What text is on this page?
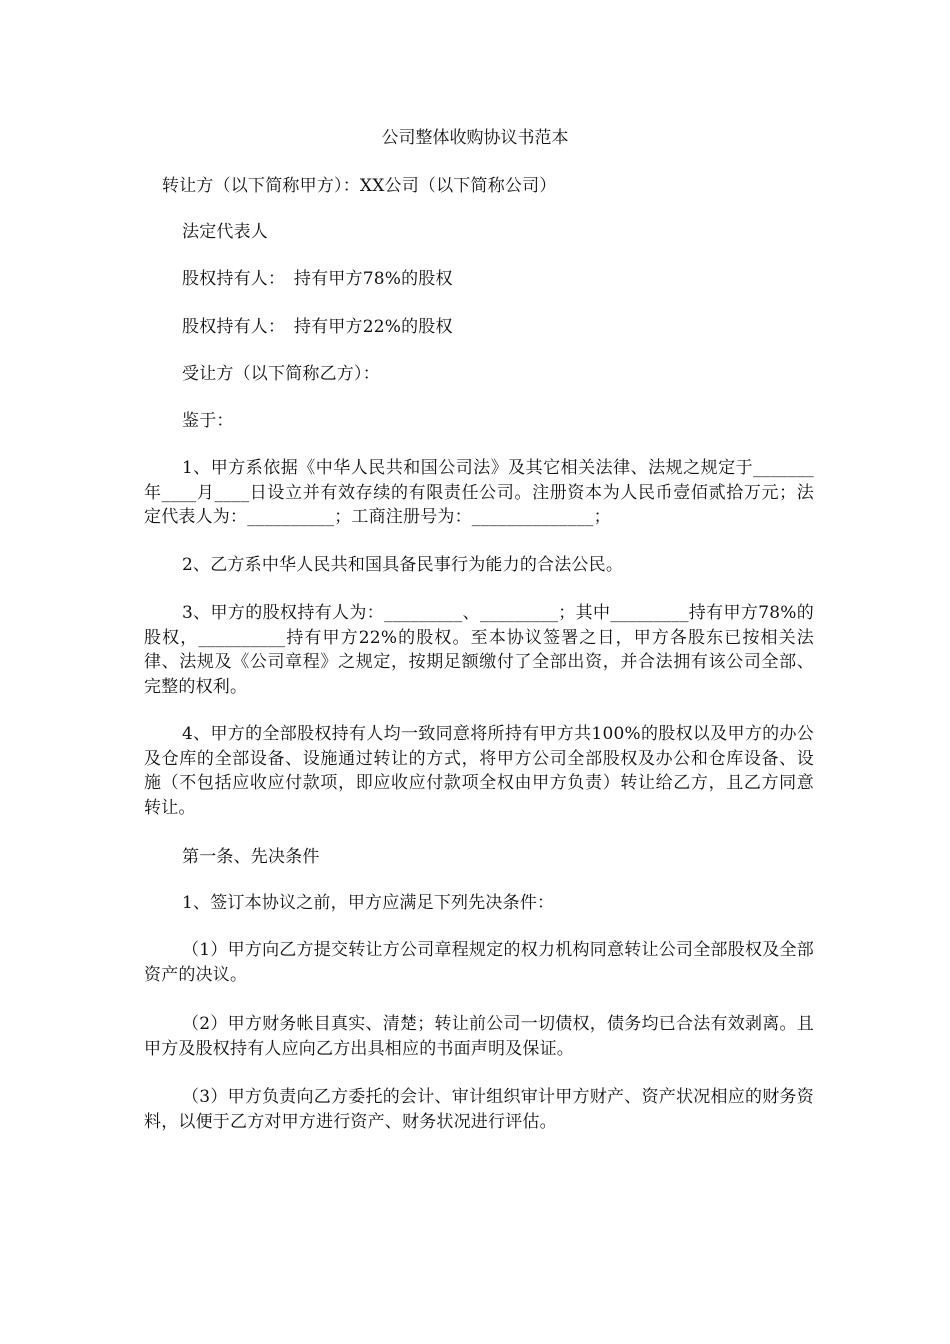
公司整体收购协议书范本

转让方（以下简称甲方）：XX公司（以下简称公司）

法定代表人

股权持有人：　持有甲方78%的股权

股权持有人：　持有甲方22%的股权

受让方（以下简称乙方）：

鉴于：

1、甲方系依据《中华人民共和国公司法》及其它相关法律、法规之规定于_______年____月____日设立并有效存续的有限责任公司。注册资本为人民币壹佰贰拾万元；法定代表人为：__________；工商注册号为：______________；

2、乙方系中华人民共和国具备民事行为能力的合法公民。

3、甲方的股权持有人为：_________、_________；其中_________持有甲方78%的股权，__________持有甲方22%的股权。至本协议签署之日，甲方各股东已按相关法律、法规及《公司章程》之规定，按期足额缴付了全部出资，并合法拥有该公司全部、完整的权利。

4、甲方的全部股权持有人均一致同意将所持有甲方共100%的股权以及甲方的办公及仓库的全部设备、设施通过转让的方式，将甲方公司全部股权及办公和仓库设备、设施（不包括应收应付款项，即应收应付款项全权由甲方负责）转让给乙方，且乙方同意转让。

第一条、先决条件

1、签订本协议之前，甲方应满足下列先决条件：

（1）甲方向乙方提交转让方公司章程规定的权力机构同意转让公司全部股权及全部资产的决议。

（2）甲方财务帐目真实、清楚；转让前公司一切债权，债务均已合法有效剥离。且甲方及股权持有人应向乙方出具相应的书面声明及保证。

（3）甲方负责向乙方委托的会计、审计组织审计甲方财产、资产状况相应的财务资料，以便于乙方对甲方进行资产、财务状况进行评估。
